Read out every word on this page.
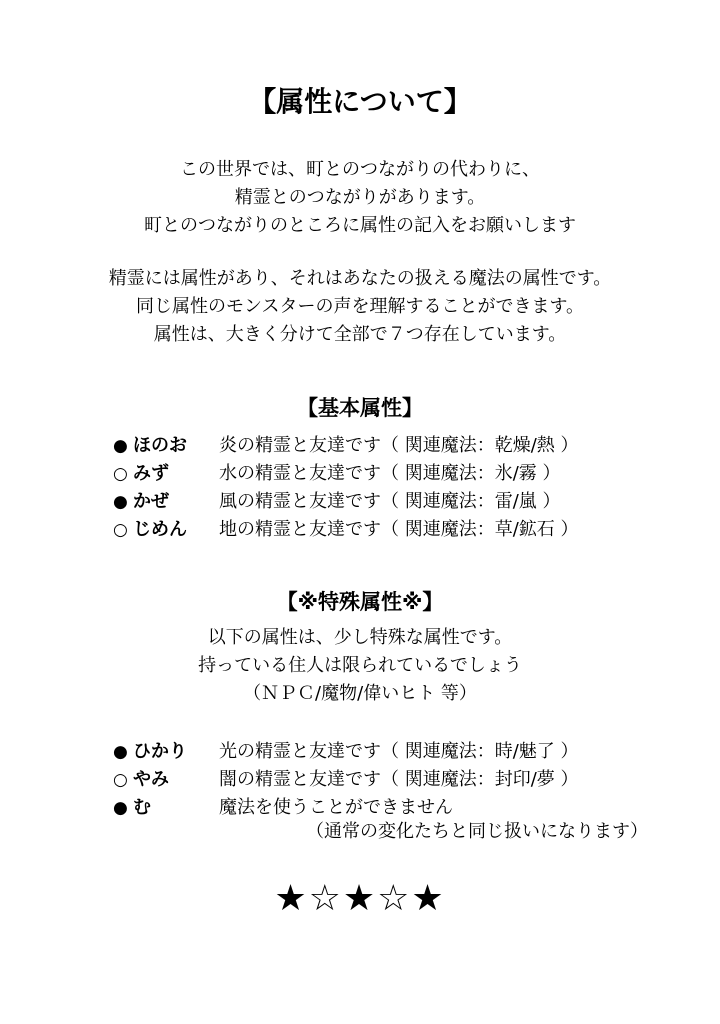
【属性について】
この世界では、町とのつながりの代わりに、
精霊とのつながりがあります。
町とのつながりのところに属性の記入をお願いします
精霊には属性があり、それはあなたの扱える魔法の属性です。
同じ属性のモンスターの声を理解することができます。
属性は、大きく分けて全部で７つ存在しています。
【基本属性】
● ほのお 炎の精霊と友達です（ 関連魔法：乾燥/熱 ）
○ みず	水の精霊と友達です（ 関連魔法：氷/霧 ）
● かぜ	風の精霊と友達です（ 関連魔法：雷/嵐 ）
○ じめん 地の精霊と友達です（ 関連魔法：草/鉱石 ）
【※特殊属性※】
以下の属性は、少し特殊な属性です。
持っている住人は限られているでしょう
（ＮＰＣ/魔物/偉いヒト 等）
● ひかり 光の精霊と友達です（ 関連魔法：時/魅了 ）
○ やみ	闇の精霊と友達です（ 関連魔法：封印/夢 ）
● む	魔法を使うことができません
（通常の変化たちと同じ扱いになります）
★☆★☆★
